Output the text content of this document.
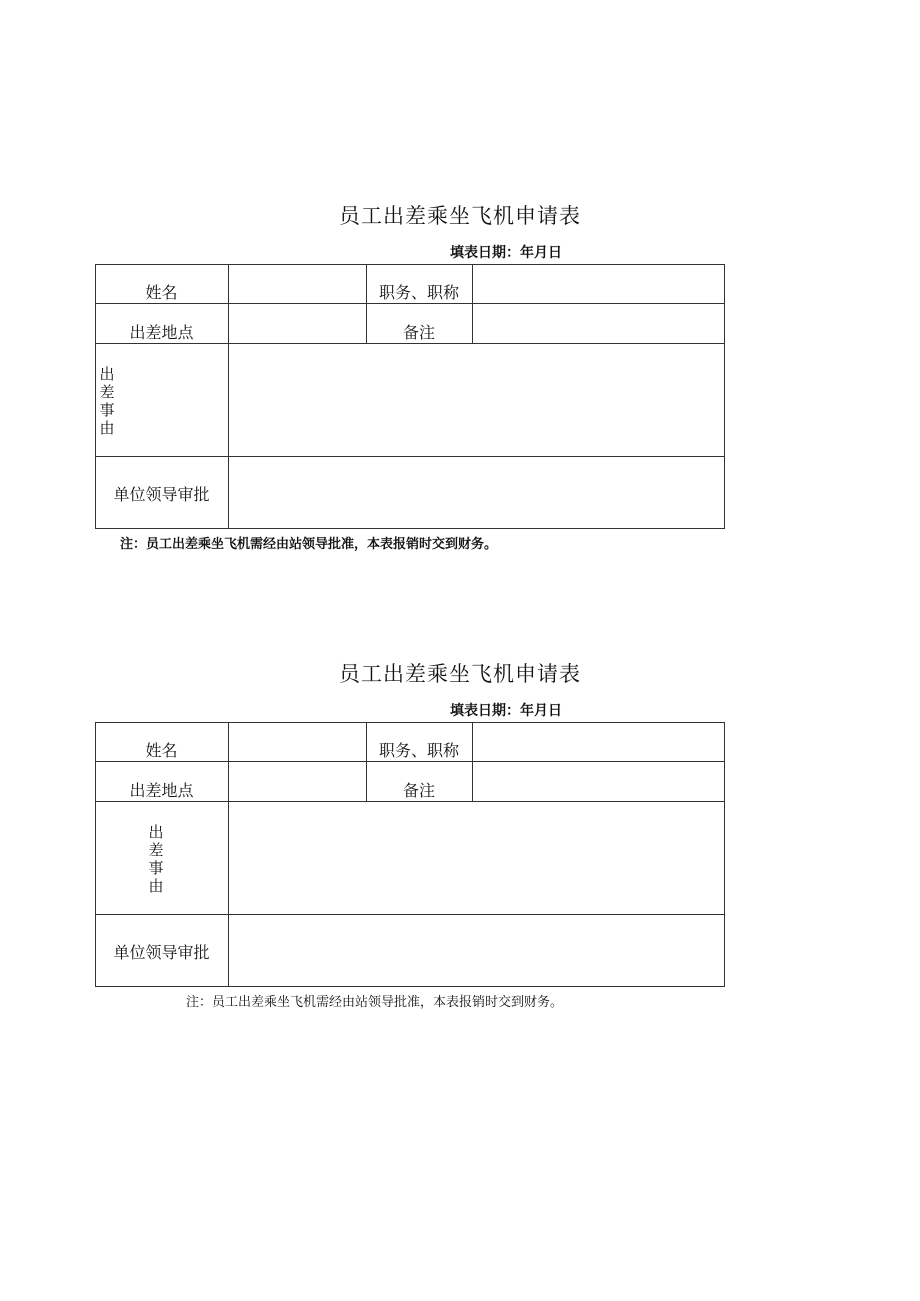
员工出差乘坐飞机申请表
填表日期：年月日
姓名	职务、职称
出差地点	备注
出
差
事
由
单位领导审批
注：员工出差乘坐飞机需经由站领导批准，本表报销时交到财务。
员工出差乘坐飞机申请表
填表日期：年月日
姓名	职务、职称
出差地点	备注
出
差
事
由
单位领导审批
注：员工出差乘坐飞机需经由站领导批准，本表报销时交到财务。
